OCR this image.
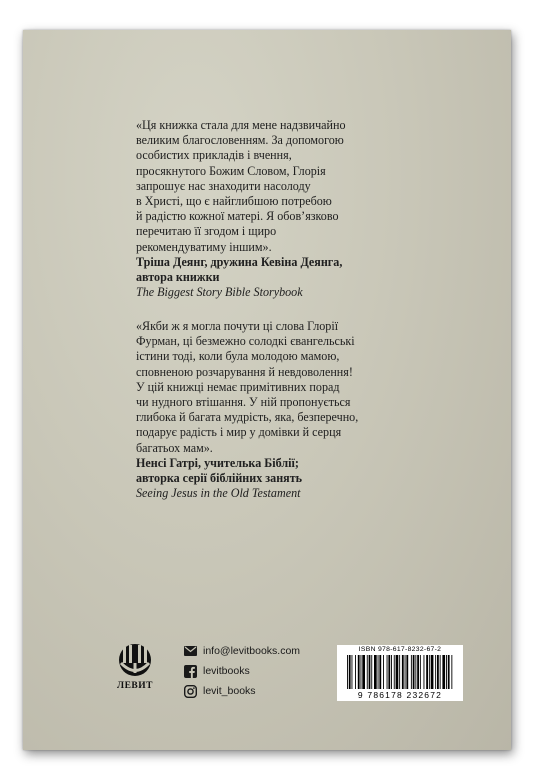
«Ця книжка стала для мене надзвичайно
великим благословенням. За допомогою
особистих прикладів і вчення,
просякнутого Божим Словом, Глорія
запрошує нас знаходити насолоду
в Христі, що є найглибшою потребою
й радістю кожної матері. Я обов’язково
перечитаю її згодом і щиро
рекомендуватиму іншим».
Тріша Деянг, дружина Кевіна Деянга,
автора книжки
The Biggest Story Bible Storybook
«Якби ж я могла почути ці слова Глорії
Фурман, ці безмежно солодкі євангельські
істини тоді, коли була молодою мамою,
сповненою розчарування й невдоволення!
У цій книжці немає примітивних порад
чи нудного втішання. У ній пропонується
глибока й багата мудрість, яка, безперечно,
подарує радість і мир у домівки й серця
багатьох мам».
Ненсі Гатрі, учителька Біблії;
авторка серії біблійних занять
Seeing Jesus in the Old Testament
ЛЕВИТ
info@levitbooks.com
levitbooks
levit_books
ISBN 978-617-8232-67-2
9 786178 232672
